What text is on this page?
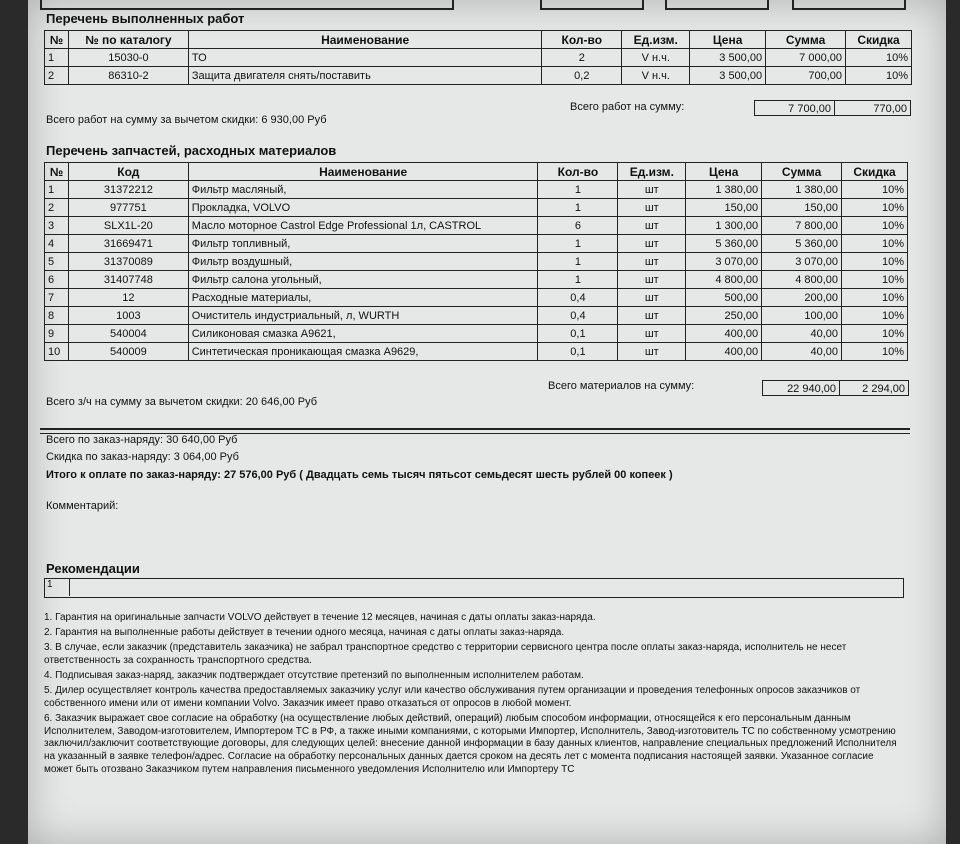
Перечень выполненных работ
№	№ по каталогу	Наименование	Кол-во	Ед.изм.	Цена	Сумма	Скидка
1	15030-0	ТО	2	V н.ч.	3 500,00	7 000,00	10%
2	86310-2	Защита двигателя снять/поставить	0,2	V н.ч.	3 500,00	700,00	10%
Всего работ на сумму:	7 700,00	770,00
Всего работ на сумму за вычетом скидки: 6 930,00 Руб
Перечень запчастей, расходных материалов
№	Код	Наименование	Кол-во	Ед.изм.	Цена	Сумма	Скидка
1	31372212	Фильтр масляный,	1	шт	1 380,00	1 380,00	10%
2	977751	Прокладка, VOLVO	1	шт	150,00	150,00	10%
3	SLX1L-20	Масло моторное Castrol Edge Professional 1л, CASTROL	6	шт	1 300,00	7 800,00	10%
4	31669471	Фильтр топливный,	1	шт	5 360,00	5 360,00	10%
5	31370089	Фильтр воздушный,	1	шт	3 070,00	3 070,00	10%
6	31407748	Фильтр салона угольный,	1	шт	4 800,00	4 800,00	10%
7	12	Расходные материалы,	0,4	шт	500,00	200,00	10%
8	1003	Очиститель индустриальный, л, WURTH	0,4	шт	250,00	100,00	10%
9	540004	Силиконовая смазка А9621,	0,1	шт	400,00	40,00	10%
10	540009	Синтетическая проникающая смазка А9629,	0,1	шт	400,00	40,00	10%
Всего материалов на сумму:	22 940,00	2 294,00
Всего з/ч на сумму за вычетом скидки: 20 646,00 Руб
Всего по заказ-наряду: 30 640,00 Руб
Скидка по заказ-наряду: 3 064,00 Руб
Итого к оплате по заказ-наряду: 27 576,00 Руб ( Двадцать семь тысяч пятьсот семьдесят шесть рублей 00 копеек )
Комментарий:
Рекомендации
1
1. Гарантия на оригинальные запчасти VOLVO действует в течение 12 месяцев, начиная с даты оплаты заказ-наряда.
2. Гарантия на выполненные работы действует в течении одного месяца, начиная с даты оплаты заказ-наряда.
3. В случае, если заказчик (представитель заказчика) не забрал транспортное средство с территории сервисного центра после оплаты заказ-наряда, исполнитель не несет ответственность за сохранность транспортного средства.
4. Подписывая заказ-наряд, заказчик подтверждает отсутствие претензий по выполненным исполнителем работам.
5. Дилер осуществляет контроль качества предоставляемых заказчику услуг или качество обслуживания путем организации и проведения телефонных опросов заказчиков от собственного имени или от имени компании Volvo. Заказчик имеет право отказаться от опросов в любой момент.
6. Заказчик выражает свое согласие на обработку (на осуществление любых действий, операций) любым способом информации, относящейся к его персональным данным Исполнителем, Заводом-изготовителем, Импортером ТС в РФ, а также иными компаниями, с которыми Импортер, Исполнитель, Завод-изготовитель ТС по собственному усмотрению заключил/заключит соответствующие договоры, для следующих целей: внесение данной информации в базу данных клиентов, направление специальных предложений Исполнителя на указанный в заявке телефон/адрес. Согласие на обработку персональных данных дается сроком на десять лет с момента подписания настоящей заявки. Указанное согласие может быть отозвано Заказчиком путем направления письменного уведомления Исполнителю или Импортеру ТС
